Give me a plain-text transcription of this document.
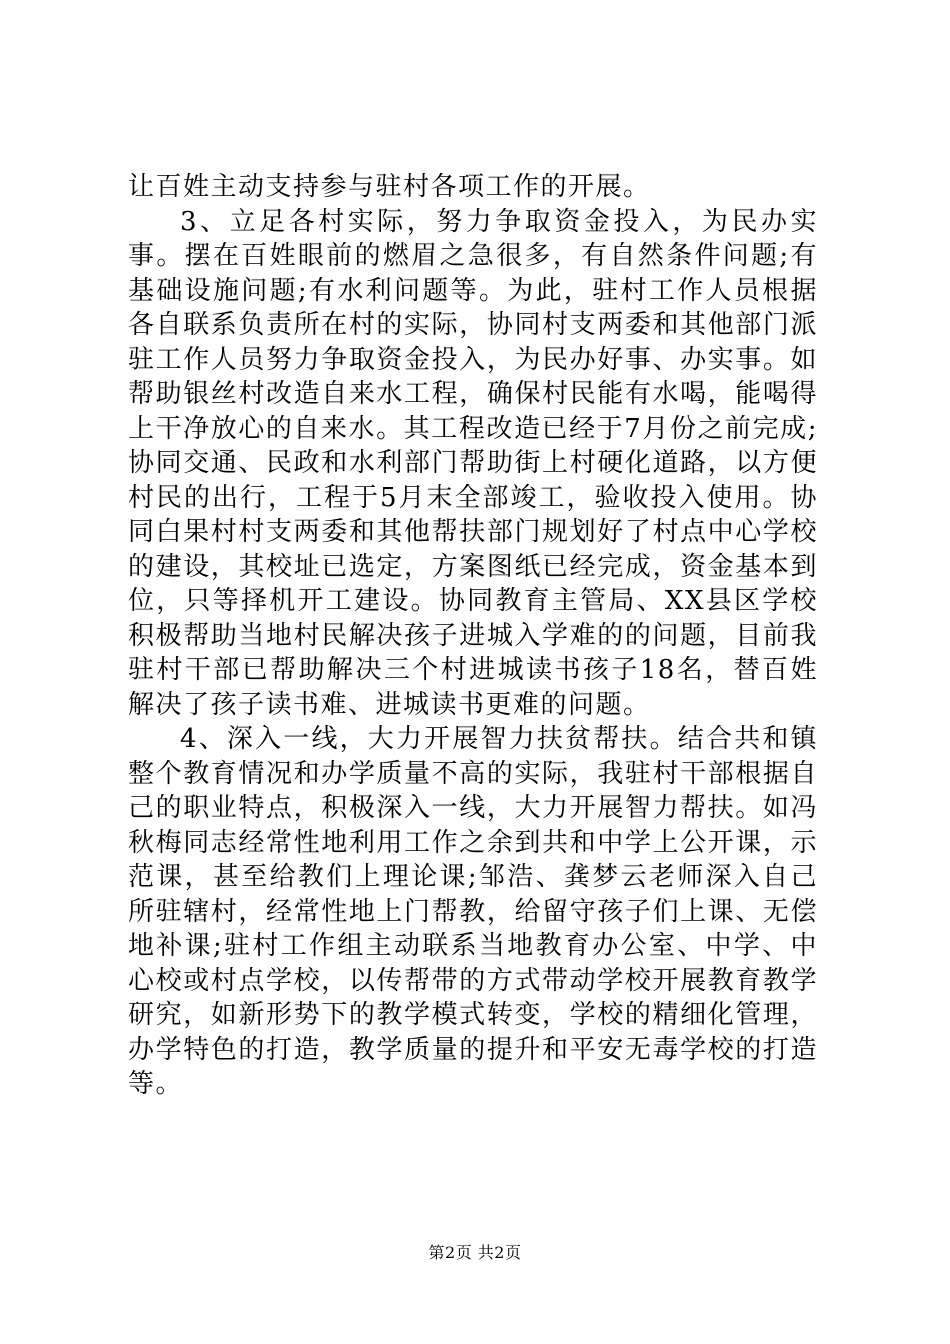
让百姓主动支持参与驻村各项工作的开展。

3、立足各村实际，努力争取资金投入，为民办实事。摆在百姓眼前的燃眉之急很多，有自然条件问题;有基础设施问题;有水利问题等。为此，驻村工作人员根据各自联系负责所在村的实际，协同村支两委和其他部门派驻工作人员努力争取资金投入，为民办好事、办实事。如帮助银丝村改造自来水工程，确保村民能有水喝，能喝得上干净放心的自来水。其工程改造已经于7月份之前完成;协同交通、民政和水利部门帮助街上村硬化道路，以方便村民的出行，工程于5月末全部竣工，验收投入使用。协同白果村村支两委和其他帮扶部门规划好了村点中心学校的建设，其校址已选定，方案图纸已经完成，资金基本到位，只等择机开工建设。协同教育主管局、XX县区学校积极帮助当地村民解决孩子进城入学难的的问题，目前我驻村干部已帮助解决三个村进城读书孩子18名，替百姓解决了孩子读书难、进城读书更难的问题。

4、深入一线，大力开展智力扶贫帮扶。结合共和镇整个教育情况和办学质量不高的实际，我驻村干部根据自己的职业特点，积极深入一线，大力开展智力帮扶。如冯秋梅同志经常性地利用工作之余到共和中学上公开课，示范课，甚至给教们上理论课;邹浩、龚梦云老师深入自己所驻辖村，经常性地上门帮教，给留守孩子们上课、无偿地补课;驻村工作组主动联系当地教育办公室、中学、中心校或村点学校，以传帮带的方式带动学校开展教育教学研究，如新形势下的教学模式转变，学校的精细化管理，办学特色的打造，教学质量的提升和平安无毒学校的打造等。

第2页 共2页
